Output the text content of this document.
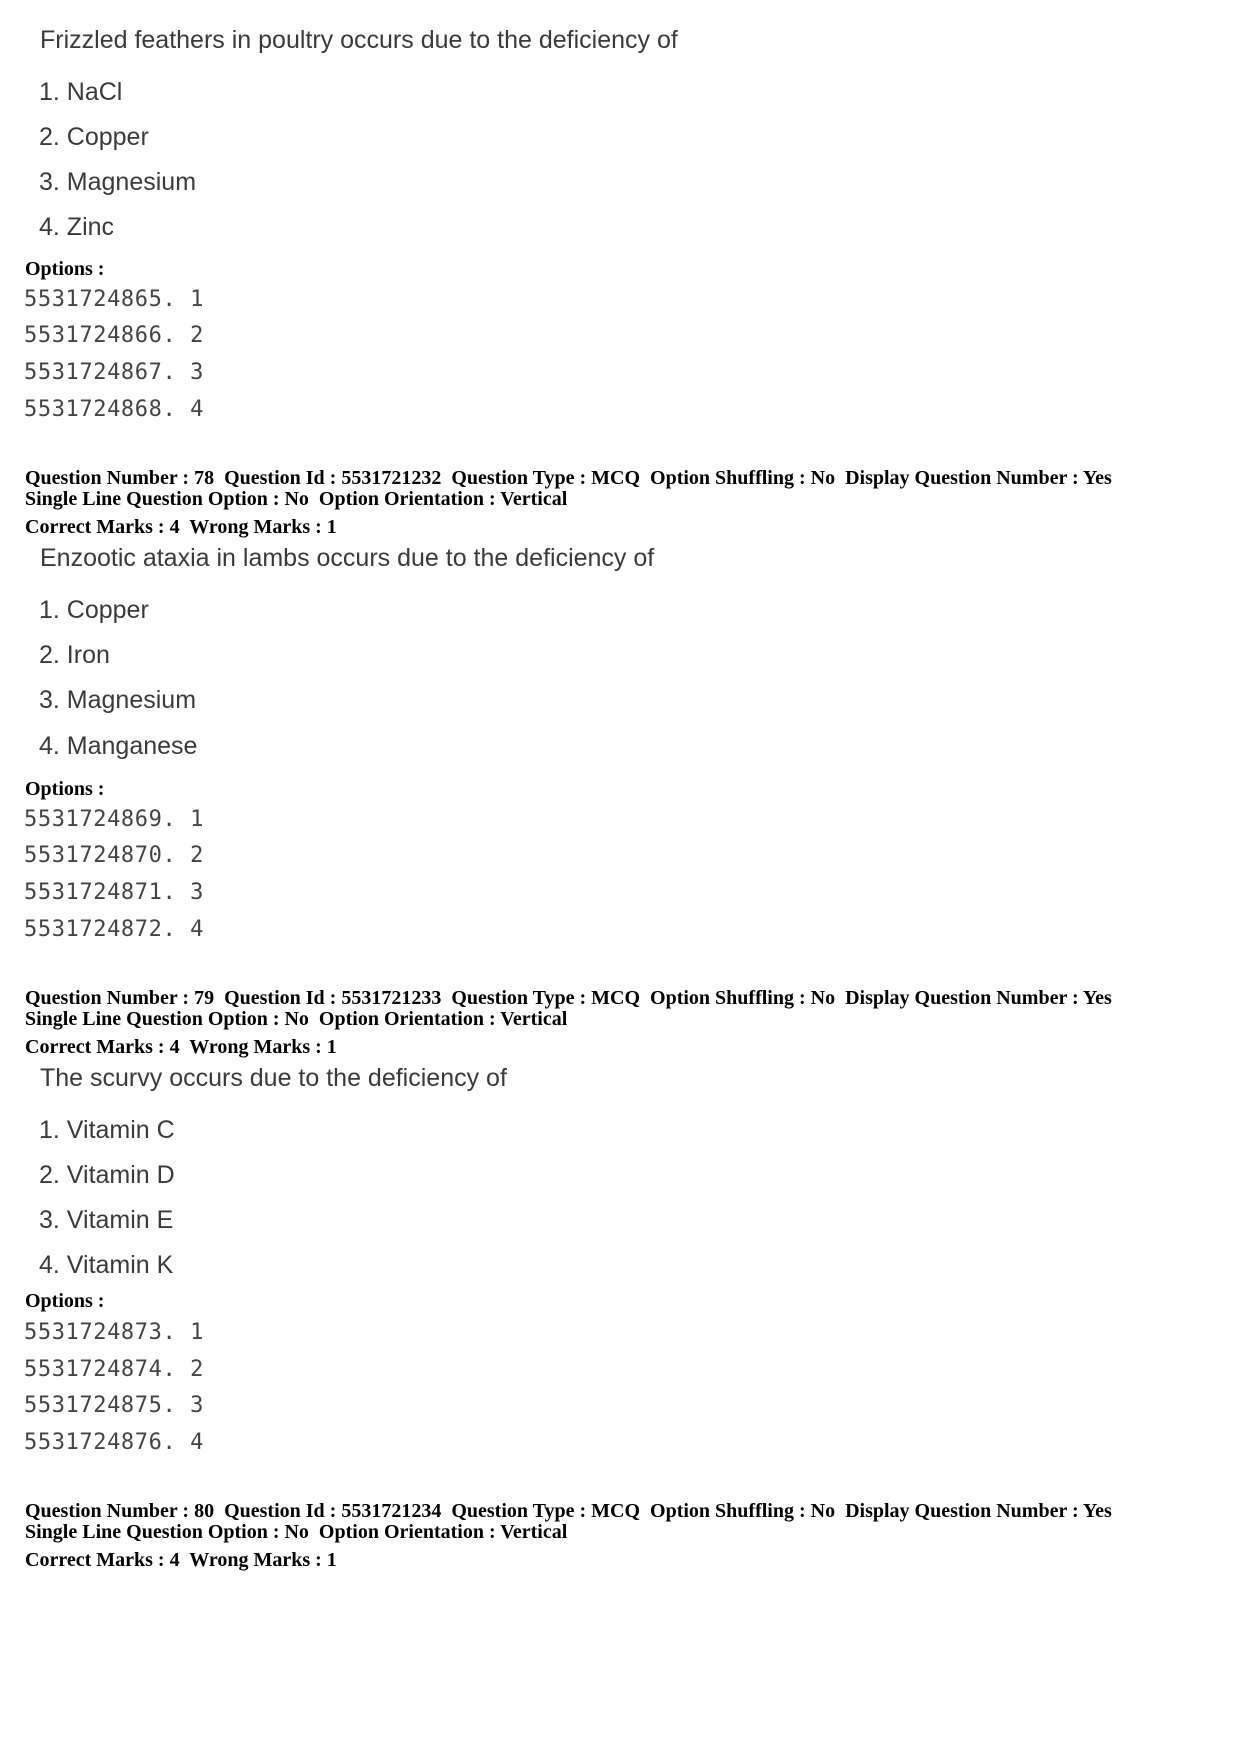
Frizzled feathers in poultry occurs due to the deficiency of

1. NaCl

2. Copper

3. Magnesium

4. Zinc

Options :

5531724865. 1

5531724866. 2

5531724867. 3

5531724868. 4

Question Number : 78  Question Id : 5531721232  Question Type : MCQ  Option Shuffling : No  Display Question Number : Yes

Single Line Question Option : No  Option Orientation : Vertical

Correct Marks : 4  Wrong Marks : 1

Enzootic ataxia in lambs occurs due to the deficiency of

1. Copper

2. Iron

3. Magnesium

4. Manganese

Options :

5531724869. 1

5531724870. 2

5531724871. 3

5531724872. 4

Question Number : 79  Question Id : 5531721233  Question Type : MCQ  Option Shuffling : No  Display Question Number : Yes

Single Line Question Option : No  Option Orientation : Vertical

Correct Marks : 4  Wrong Marks : 1

The scurvy occurs due to the deficiency of

1. Vitamin C

2. Vitamin D

3. Vitamin E

4. Vitamin K

Options :

5531724873. 1

5531724874. 2

5531724875. 3

5531724876. 4

Question Number : 80  Question Id : 5531721234  Question Type : MCQ  Option Shuffling : No  Display Question Number : Yes

Single Line Question Option : No  Option Orientation : Vertical

Correct Marks : 4  Wrong Marks : 1
